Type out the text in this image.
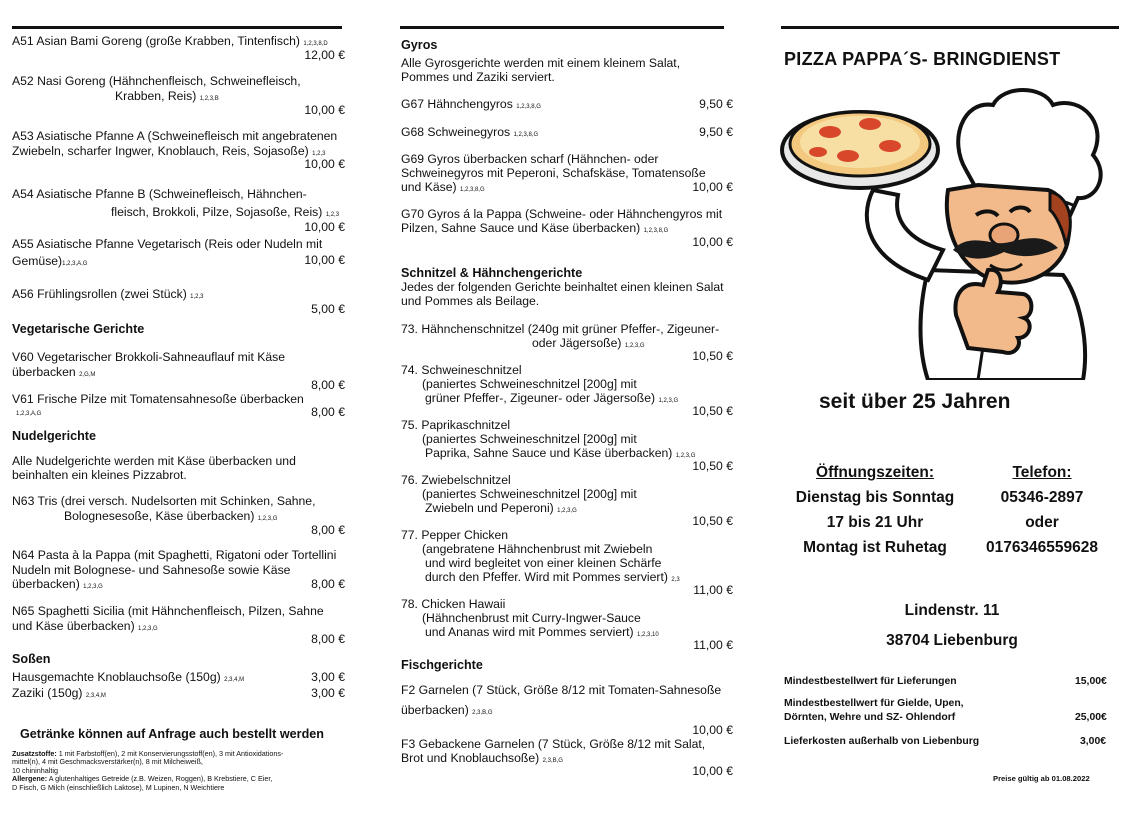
A51 Asian Bami Goreng (große Krabben, Tintenfisch) 1,2,3,8,D
12,00 €
A52 Nasi Goreng (Hähnchenfleisch, Schweinefleisch,
Krabben, Reis) 1,2,3,B
10,00 €
A53 Asiatische Pfanne A (Schweinefleisch mit angebratenen
Zwiebeln, scharfer Ingwer, Knoblauch, Reis, Sojasoße) 1,2,3
10,00 €
A54 Asiatische Pfanne B (Schweinefleisch, Hähnchen-
fleisch, Brokkoli, Pilze, Sojasoße, Reis) 1,2,3
10,00 €
A55 Asiatische Pfanne Vegetarisch (Reis oder Nudeln mit
Gemüse)1,2,3,A,G	10,00 €
A56 Frühlingsrollen (zwei Stück) 1,2,3
5,00 €
Vegetarische Gerichte
V60 Vegetarischer Brokkoli-Sahneauflauf mit Käse
überbacken 2,G,M
8,00 €
V61 Frische Pilze mit Tomatensahnesoße überbacken
1,2,3,A,G	8,00 €
Nudelgerichte
Alle Nudelgerichte werden mit Käse überbacken und
beinhalten ein kleines Pizzabrot.
N63 Tris (drei versch. Nudelsorten mit Schinken, Sahne,
Bolognesesoße, Käse überbacken) 1,2,3,G
8,00 €
N64 Pasta à la Pappa (mit Spaghetti, Rigatoni oder Tortellini
Nudeln mit Bolognese- und Sahnesoße sowie Käse
überbacken) 1,2,3,G	8,00 €
N65 Spaghetti Sicilia (mit Hähnchenfleisch, Pilzen, Sahne
und Käse überbacken) 1,2,3,G
8,00 €
Soßen
Hausgemachte Knoblauchsoße (150g) 2,3,4,M	3,00 €
Zaziki (150g) 2,3,4,M	3,00 €
Getränke können auf Anfrage auch bestellt werden
Zusatzstoffe: 1 mit Farbstoff(en), 2 mit Konservierungsstoff(en), 3 mit Antioxidations-
mittel(n), 4 mit Geschmacksverstärker(n), 8 mit Milcheiweiß,
10 chininhaltig
Allergene: A glutenhaltiges Getreide (z.B. Weizen, Roggen), B Krebstiere, C Eier,
D Fisch, G Milch (einschließlich Laktose), M Lupinen, N Weichtiere
Gyros
Alle Gyrosgerichte werden mit einem kleinem Salat,
Pommes und Zaziki serviert.
G67 Hähnchengyros 1,2,3,8,G	9,50 €
G68 Schweinegyros 1,2,3,8,G	9,50 €
G69 Gyros überbacken scharf (Hähnchen- oder
Schweinegyros mit Peperoni, Schafskäse, Tomatensoße
und Käse) 1,2,3,8,G	10,00 €
G70 Gyros á la Pappa (Schweine- oder Hähnchengyros mit
Pilzen, Sahne Sauce und Käse überbacken) 1,2,3,8,G
10,00 €
Schnitzel & Hähnchengerichte
Jedes der folgenden Gerichte beinhaltet einen kleinen Salat
und Pommes als Beilage.
73. Hähnchenschnitzel (240g mit grüner Pfeffer-, Zigeuner-
oder Jägersoße) 1,2,3,G
10,50 €
74. Schweineschnitzel
(paniertes Schweineschnitzel [200g] mit
grüner Pfeffer-, Zigeuner- oder Jägersoße) 1,2,3,G
10,50 €
75. Paprikaschnitzel
(paniertes Schweineschnitzel [200g] mit
Paprika, Sahne Sauce und Käse überbacken) 1,2,3,G
10,50 €
76. Zwiebelschnitzel
(paniertes Schweineschnitzel [200g] mit
Zwiebeln und Peperoni) 1,2,3,G
10,50 €
77. Pepper Chicken
(angebratene Hähnchenbrust mit Zwiebeln
und wird begleitet von einer kleinen Schärfe
durch den Pfeffer. Wird mit Pommes serviert) 2,3
11,00 €
78. Chicken Hawaii
(Hähnchenbrust mit Curry-Ingwer-Sauce
und Ananas wird mit Pommes serviert) 1,2,3,10
11,00 €
Fischgerichte
F2 Garnelen (7 Stück, Größe 8/12 mit Tomaten-Sahnesoße
überbacken) 2,3,B,G
10,00 €
F3 Gebackene Garnelen (7 Stück, Größe 8/12 mit Salat,
Brot und Knoblauchsoße) 2,3,B,G
10,00 €
PIZZA PAPPA´S- BRINGDIENST
seit über 25 Jahren
Öffnungszeiten:
Dienstag bis Sonntag
17 bis 21 Uhr
Montag ist Ruhetag
Telefon:
05346-2897
oder
0176346559628
Lindenstr. 11
38704 Liebenburg
Mindestbestellwert für Lieferungen	15,00€
Mindestbestellwert für Gielde, Upen,
Dörnten, Wehre und SZ- Ohlendorf	25,00€
Lieferkosten außerhalb von Liebenburg	3,00€
Preise gültig ab 01.08.2022
